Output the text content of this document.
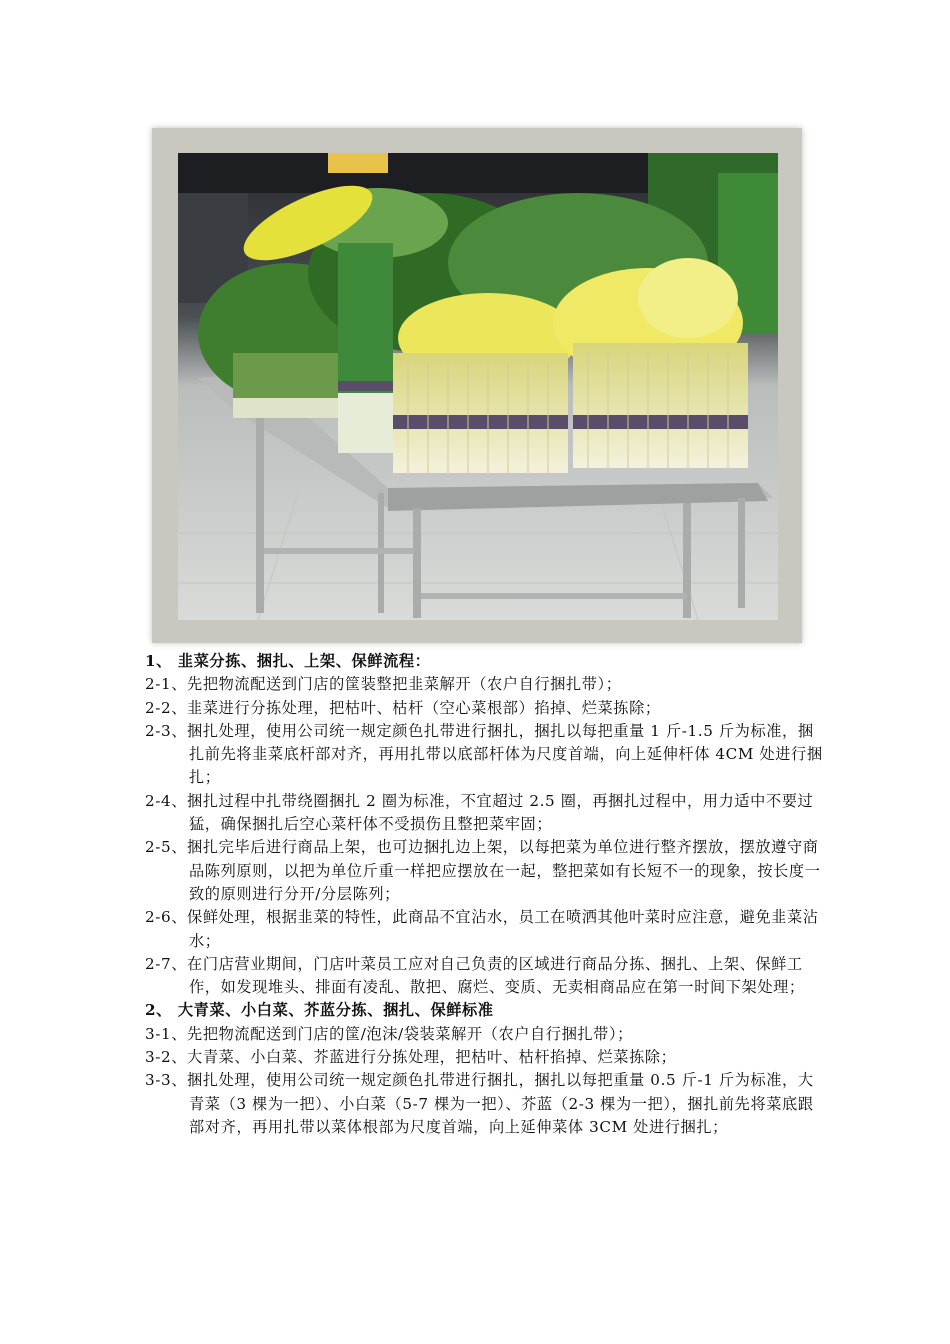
1、 韭菜分拣、捆扎、上架、保鲜流程：

2-1、先把物流配送到门店的筐装整把韭菜解开（农户自行捆扎带）；

2-2、韭菜进行分拣处理，把枯叶、枯杆（空心菜根部）掐掉、烂菜拣除；

2-3、捆扎处理，使用公司统一规定颜色扎带进行捆扎，捆扎以每把重量 1 斤-1.5 斤为标准，捆扎前先将韭菜底杆部对齐，再用扎带以底部杆体为尺度首端，向上延伸杆体 4CM 处进行捆扎；

2-4、捆扎过程中扎带绕圈捆扎 2 圈为标准，不宜超过 2.5 圈，再捆扎过程中，用力适中不要过猛，确保捆扎后空心菜杆体不受损伤且整把菜牢固；

2-5、捆扎完毕后进行商品上架，也可边捆扎边上架，以每把菜为单位进行整齐摆放，摆放遵守商品陈列原则，以把为单位斤重一样把应摆放在一起，整把菜如有长短不一的现象，按长度一致的原则进行分开/分层陈列；

2-6、保鲜处理，根据韭菜的特性，此商品不宜沾水，员工在喷洒其他叶菜时应注意，避免韭菜沾水；

2-7、在门店营业期间，门店叶菜员工应对自己负责的区域进行商品分拣、捆扎、上架、保鲜工作，如发现堆头、排面有凌乱、散把、腐烂、变质、无卖相商品应在第一时间下架处理；

2、 大青菜、小白菜、芥蓝分拣、捆扎、保鲜标准

3-1、先把物流配送到门店的筐/泡沫/袋装菜解开（农户自行捆扎带）；

3-2、大青菜、小白菜、芥蓝进行分拣处理，把枯叶、枯杆掐掉、烂菜拣除；

3-3、捆扎处理，使用公司统一规定颜色扎带进行捆扎，捆扎以每把重量 0.5 斤-1 斤为标准，大青菜（3 棵为一把）、小白菜（5-7 棵为一把）、芥蓝（2-3 棵为一把），捆扎前先将菜底跟部对齐，再用扎带以菜体根部为尺度首端，向上延伸菜体 3CM 处进行捆扎；
